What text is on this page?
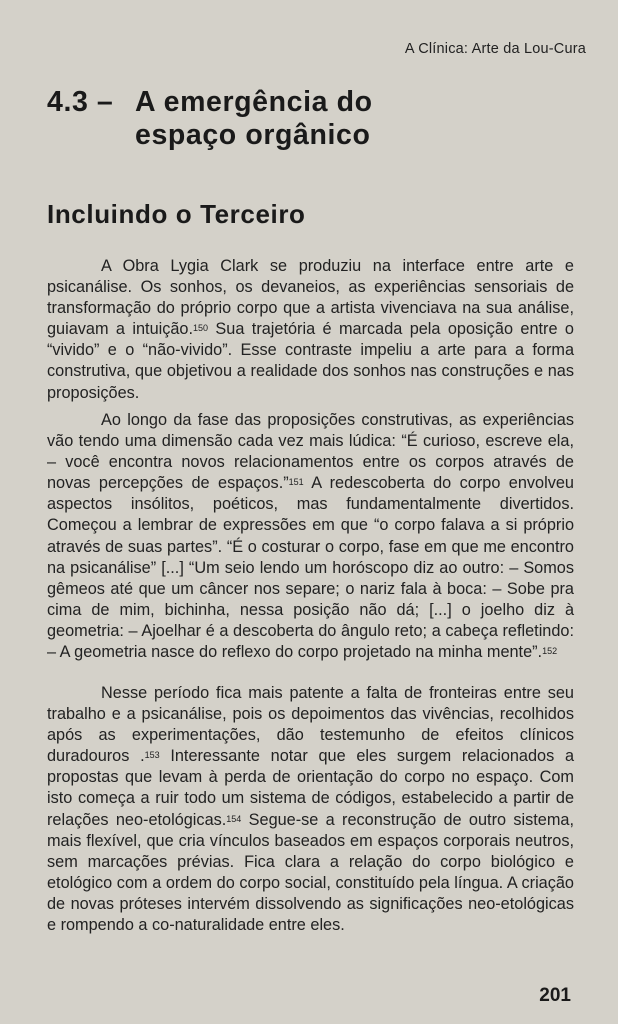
A Clínica: Arte da Lou-Cura
4.3 – A emergência do
espaço orgânico
Incluindo o Terceiro

A Obra Lygia Clark se produziu na interface entre arte e psicanálise. Os sonhos, os devaneios, as experiências sensoriais de transformação do próprio corpo que a artista vivenciava na sua análise, guiavam a intuição.$^{150}$ Sua trajetória é marcada pela oposição entre o “vivido” e o “não-vivido”. Esse contraste impeliu a arte para a forma construtiva, que objetivou a realidade dos sonhos nas construções e nas proposições.

Ao longo da fase das proposições construtivas, as experiências vão tendo uma dimensão cada vez mais lúdica: “É curioso, escreve ela, – você encontra novos relacionamentos entre os corpos através de novas percepções de espaços.”$^{151}$ A redescoberta do corpo envolveu aspectos insólitos, poéticos, mas fundamentalmente divertidos. Começou a lembrar de expressões em que “o corpo falava a si próprio através de suas partes”. “É o costurar o corpo, fase em que me encontro na psicanálise” [...] “Um seio lendo um horóscopo diz ao outro: – Somos gêmeos até que um câncer nos separe; o nariz fala à boca: – Sobe pra cima de mim, bichinha, nessa posição não dá; [...] o joelho diz à geometria: – Ajoelhar é a descoberta do ângulo reto; a cabeça refletindo: – A geometria nasce do reflexo do corpo projetado na minha mente”.$^{152}$

Nesse período fica mais patente a falta de fronteiras entre seu trabalho e a psicanálise, pois os depoimentos das vivências, recolhidos após as experimentações, dão testemunho de efeitos clínicos duradouros .$^{153}$ Interessante notar que eles surgem relacionados a propostas que levam à perda de orientação do corpo no espaço. Com isto começa a ruir todo um sistema de códigos, estabelecido a partir de relações neo-etológicas.$^{154}$ Segue-se a reconstrução de outro sistema, mais flexível, que cria vínculos baseados em espaços corporais neutros, sem marcações prévias. Fica clara a relação do corpo biológico e etológico com a ordem do corpo social, constituído pela língua. A criação de novas próteses intervém dissolvendo as significações neo-etológicas e rompendo a co-naturalidade entre eles.

201
